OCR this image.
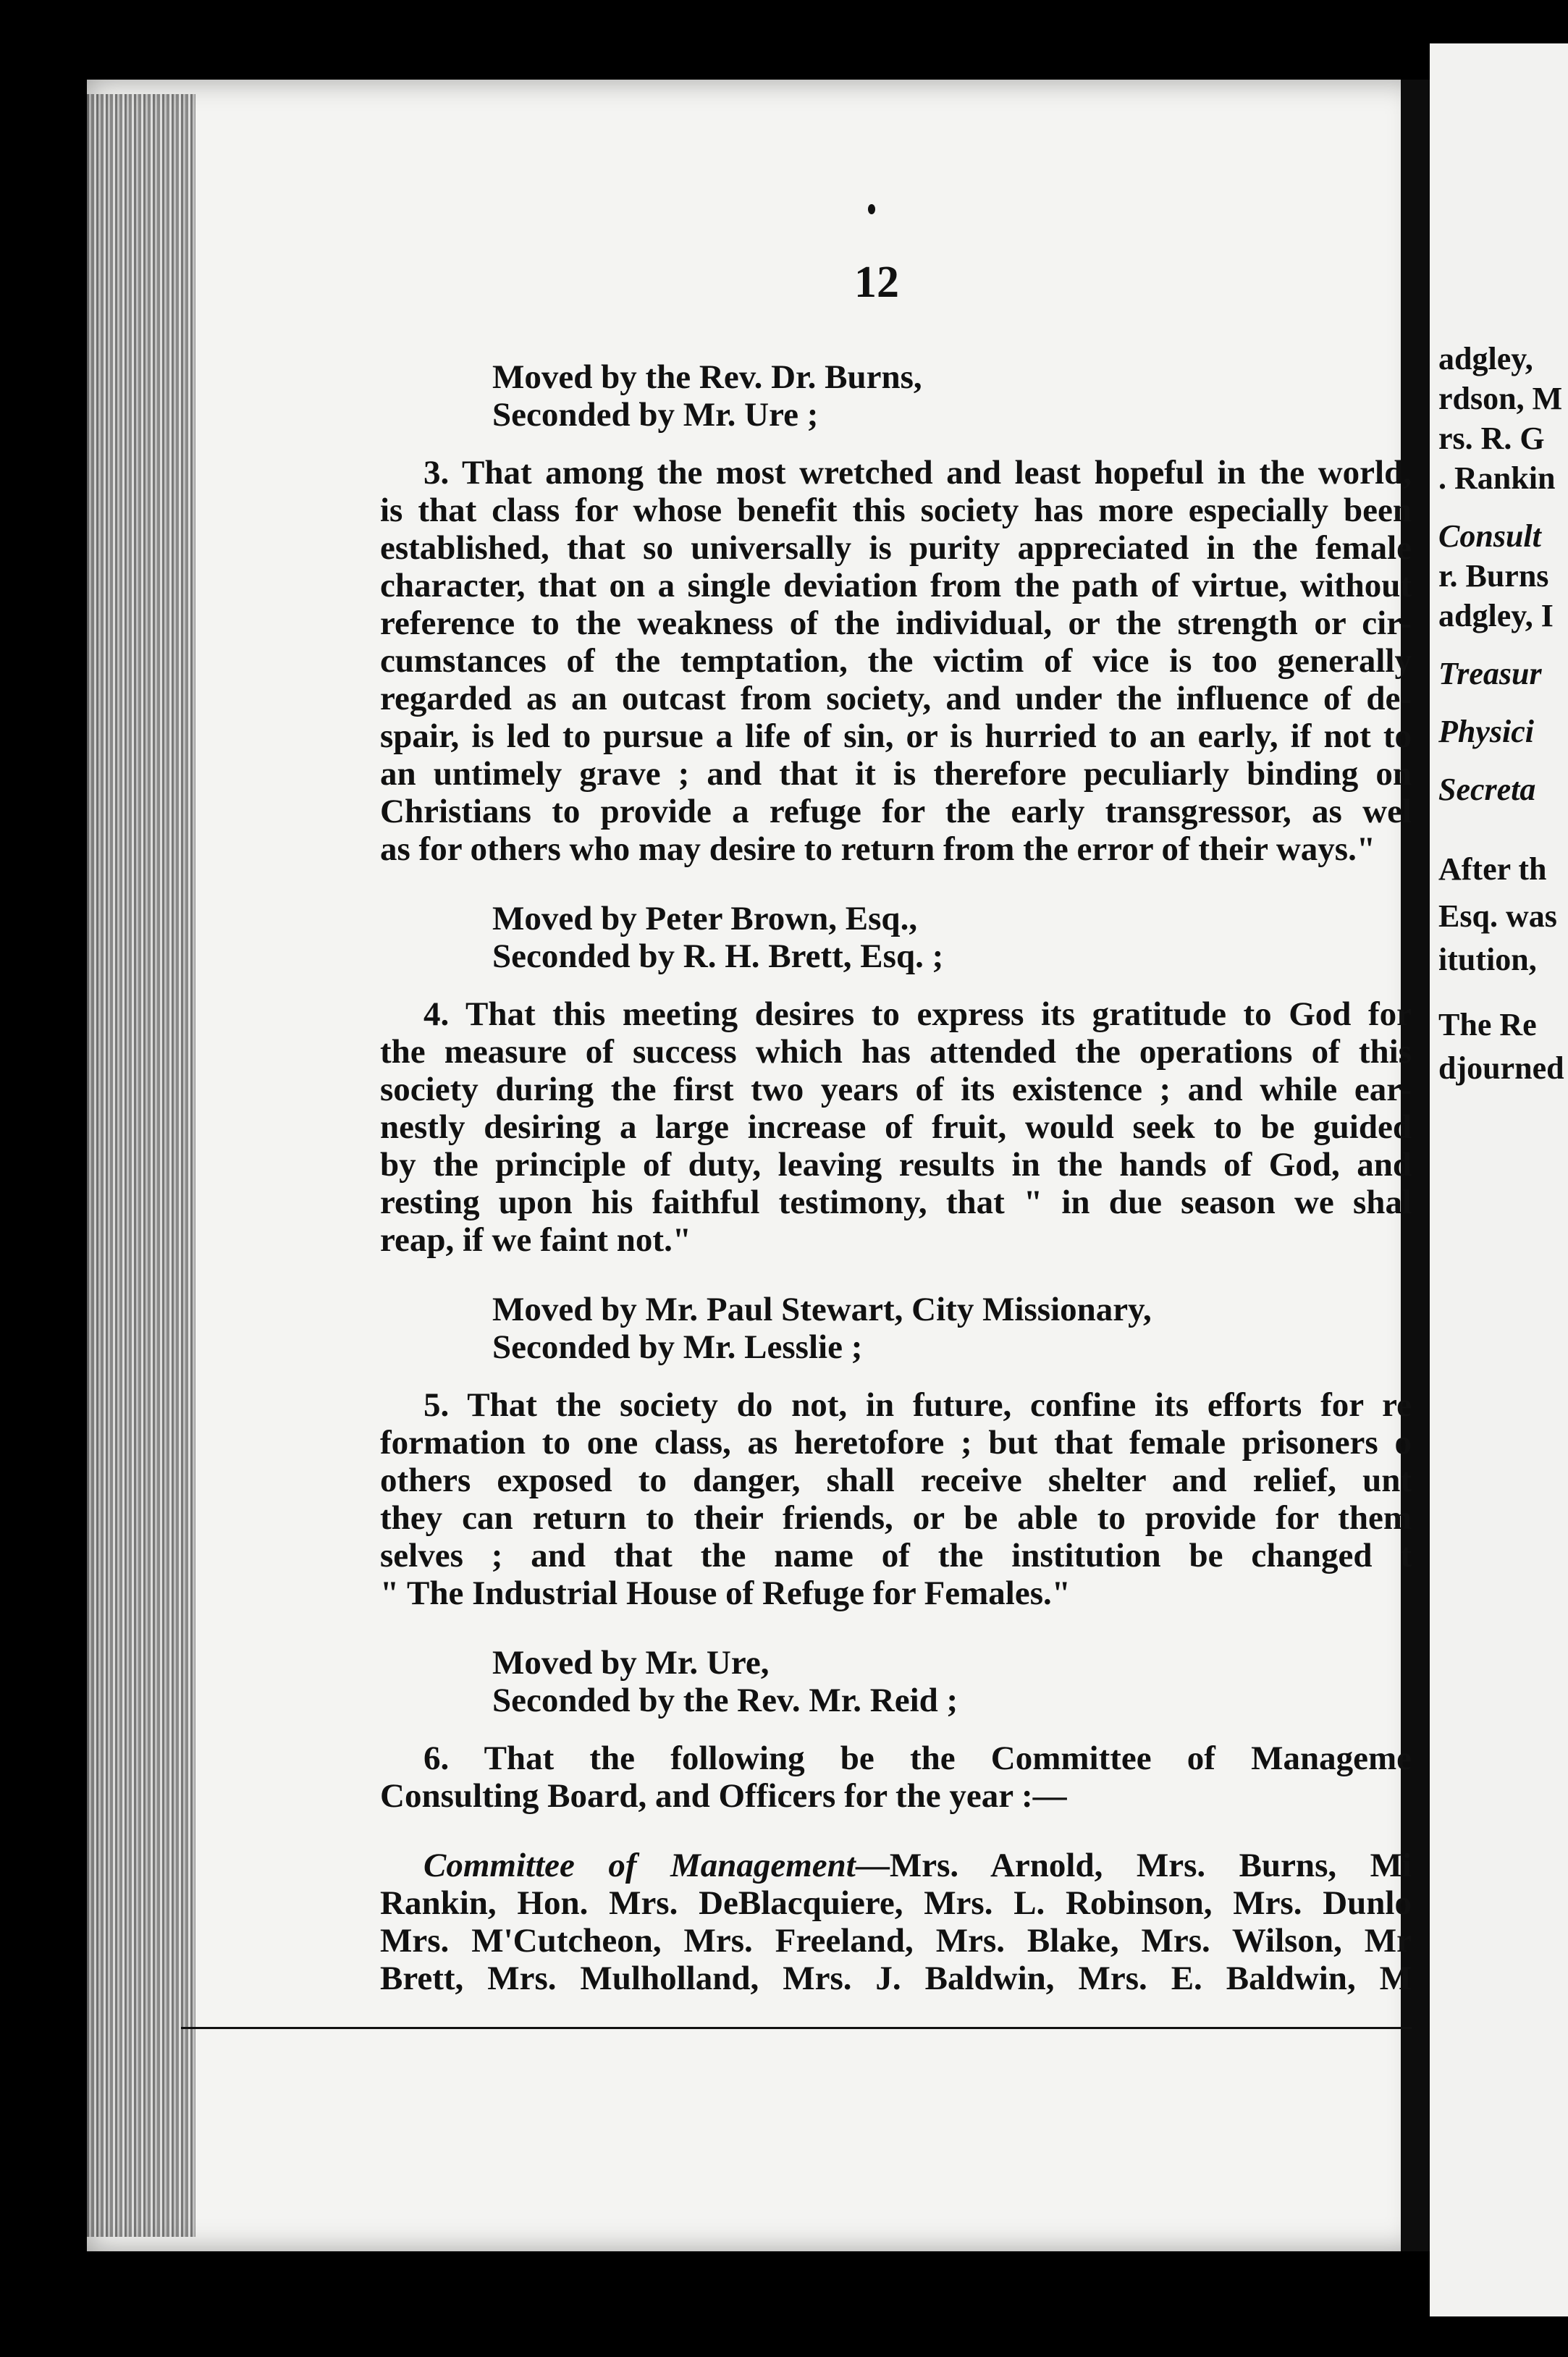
adgley,
rdson, M
rs. R. G
. Rankin
Consult
r. Burns
adgley, I
Treasur
Physici
Secreta
After th
Esq. was
itution,
The Re
djourned
12
Moved by the Rev. Dr. Burns,
Seconded by Mr. Ure ;
3. That among the most wretched and least hopeful in the world,
is that class for whose benefit this society has more especially been
established, that so universally is purity appreciated in the female
character, that on a single deviation from the path of virtue, without
reference to the weakness of the individual, or the strength or cir-
cumstances of the temptation, the victim of vice is too generally
regarded as an outcast from society, and under the influence of de-
spair, is led to pursue a life of sin, or is hurried to an early, if not to
an untimely grave ; and that it is therefore peculiarly binding on
Christians to provide a refuge for the early transgressor, as wel
as for others who may desire to return from the error of their ways."
Moved by Peter Brown, Esq.,
Seconded by R. H. Brett, Esq. ;
4. That this meeting desires to express its gratitude to God for
the measure of success which has attended the operations of this
society during the first two years of its existence ; and while ear-
nestly desiring a large increase of fruit, would seek to be guided
by the principle of duty, leaving results in the hands of God, and
resting upon his faithful testimony, that " in due season we shal
reap, if we faint not."
Moved by Mr. Paul Stewart, City Missionary,
Seconded by Mr. Lesslie ;
5. That the society do not, in future, confine its efforts for re
formation to one class, as heretofore ; but that female prisoners o
others exposed to danger, shall receive shelter and relief, unt
they can return to their friends, or be able to provide for them
selves ; and that the name of the institution be changed t
" The Industrial House of Refuge for Females."
Moved by Mr. Ure,
Seconded by the Rev. Mr. Reid ;
6. That the following be the Committee of Manageme
Consulting Board, and Officers for the year :—
Committee of Management—Mrs. Arnold, Mrs. Burns, Mi
Rankin, Hon. Mrs. DeBlacquiere, Mrs. L. Robinson, Mrs. Dunlo
Mrs. M'Cutcheon, Mrs. Freeland, Mrs. Blake, Mrs. Wilson, Mr
Brett, Mrs. Mulholland, Mrs. J. Baldwin, Mrs. E. Baldwin, M
